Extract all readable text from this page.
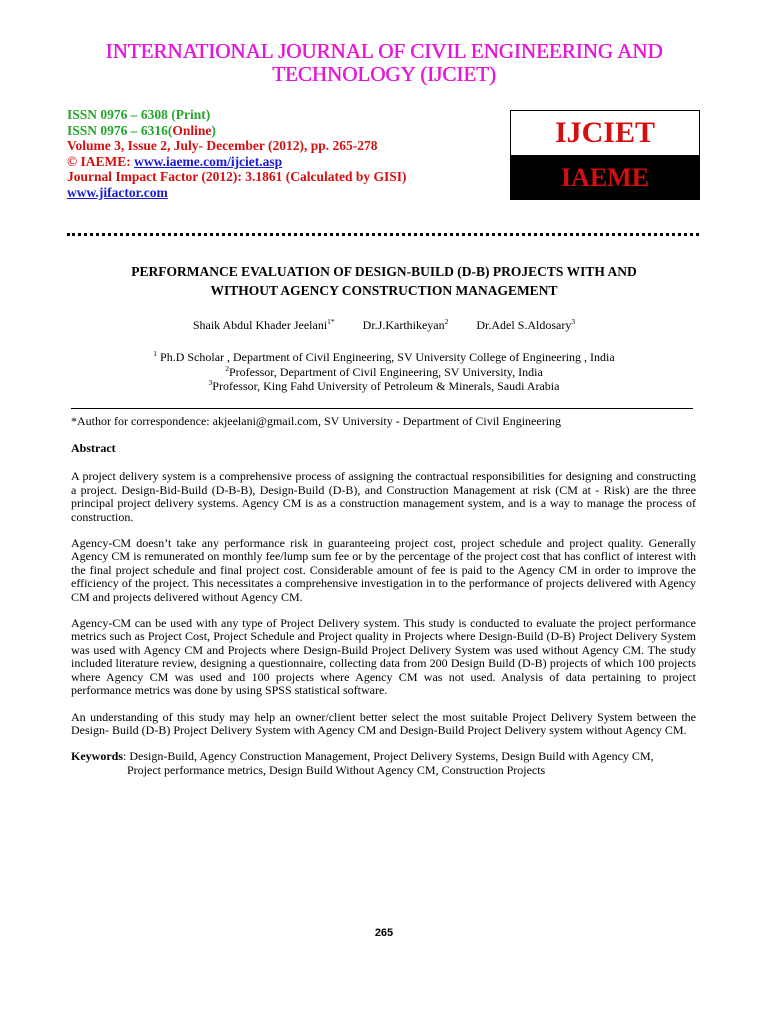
INTERNATIONAL JOURNAL OF CIVIL ENGINEERING AND
TECHNOLOGY (IJCIET)
ISSN 0976 – 6308 (Print)
ISSN 0976 – 6316(Online)
Volume 3, Issue 2, July- December (2012), pp. 265-278
© IAEME: www.iaeme.com/ijciet.asp
Journal Impact Factor (2012): 3.1861 (Calculated by GISI)
www.jifactor.com
IJCIET
IAEME
PERFORMANCE EVALUATION OF DESIGN-BUILD (D-B) PROJECTS WITH AND
WITHOUT AGENCY CONSTRUCTION MANAGEMENT
Shaik Abdul Khader Jeelani$^{1*}$ Dr.J.Karthikeyan$^2$ Dr.Adel S.Aldosary$^3$
$^1$ Ph.D Scholar , Department of Civil Engineering, SV University College of Engineering , India
$^2$Professor, Department of Civil Engineering, SV University, India
$^3$Professor, King Fahd University of Petroleum & Minerals, Saudi Arabia
*Author for correspondence: akjeelani@gmail.com, SV University - Department of Civil Engineering
Abstract

A project delivery system is a comprehensive process of assigning the contractual responsibilities for designing and constructing a project. Design-Bid-Build (D-B-B), Design-Build (D-B), and Construction Management at risk (CM at - Risk) are the three principal project delivery systems. Agency CM is as a construction management system, and is a way to manage the process of construction.

Agency-CM doesn’t take any performance risk in guaranteeing project cost, project schedule and project quality. Generally Agency CM is remunerated on monthly fee/lump sum fee or by the percentage of the project cost that has conflict of interest with the final project schedule and final project cost. Considerable amount of fee is paid to the Agency CM in order to improve the efficiency of the project. This necessitates a comprehensive investigation in to the performance of projects delivered with Agency CM and projects delivered without Agency CM.

Agency-CM can be used with any type of Project Delivery system. This study is conducted to evaluate the project performance metrics such as Project Cost, Project Schedule and Project quality in Projects where Design-Build (D-B) Project Delivery System was used with Agency CM and Projects where Design-Build Project Delivery System was used without Agency CM. The study included literature review, designing a questionnaire, collecting data from 200 Design Build (D-B) projects of which 100 projects where Agency CM was used and 100 projects where Agency CM was not used. Analysis of data pertaining to project performance metrics was done by using SPSS statistical software.

An understanding of this study may help an owner/client better select the most suitable Project Delivery System between the Design- Build (D-B) Project Delivery System with Agency CM and Design-Build Project Delivery system without Agency CM.

Keywords: Design-Build, Agency Construction Management, Project Delivery Systems, Design Build with Agency CM,
Project performance metrics, Design Build Without Agency CM, Construction Projects
265
